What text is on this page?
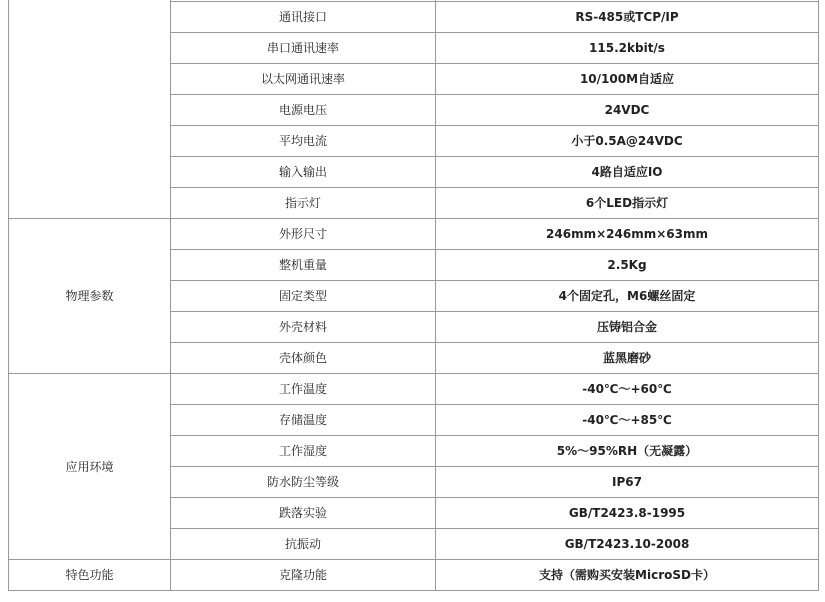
	通讯接口	RS-485或TCP/IP
	串口通讯速率	115.2kbit/s
	以太网通讯速率	10/100M自适应
	电源电压	24VDC
	平均电流	小于0.5A@24VDC
	输入输出	4路自适应IO
	指示灯	6个LED指示灯
物理参数	外形尺寸	246mm×246mm×63mm
	整机重量	2.5Kg
	固定类型	4个固定孔，M6螺丝固定
	外壳材料	压铸铝合金
	壳体颜色	蓝黑磨砂
应用环境	工作温度	-40℃～+60℃
	存储温度	-40℃～+85℃
	工作湿度	5%～95%RH（无凝露）
	防水防尘等级	IP67
	跌落实验	GB/T2423.8-1995
	抗振动	GB/T2423.10-2008
特色功能	克隆功能	支持（需购买安装MicroSD卡）
